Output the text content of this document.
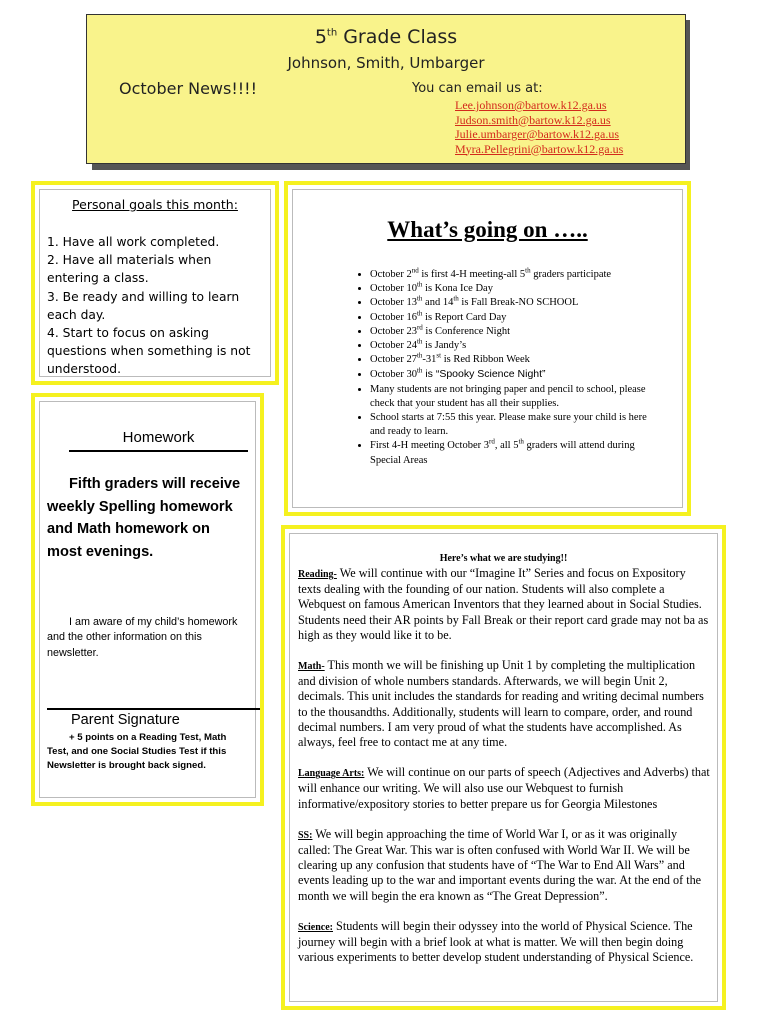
5th Grade Class
Johnson, Smith, Umbarger
October News!!!!	You can email us at:
Lee.johnson@bartow.k12.ga.us
Judson.smith@bartow.k12.ga.us
Julie.umbarger@bartow.k12.ga.us
Myra.Pellegrini@bartow.k12.ga.us
Personal goals this month:
1. Have all work completed.
2. Have all materials when entering a class.
3. Be ready and willing to learn each day.
4. Start to focus on asking questions when something is not understood.
Homework
Fifth graders will receive weekly Spelling homework and Math homework on most evenings.
I am aware of my child’s homework and the other information on this newsletter.
Parent Signature
+ 5 points on a Reading Test, Math Test, and one Social Studies Test if this Newsletter is brought back signed.
What’s going on …..
• October 2nd is first 4-H meeting-all 5th graders participate
• October 10th is Kona Ice Day
• October 13th and 14th is Fall Break-NO SCHOOL
• October 16th is Report Card Day
• October 23rd is Conference Night
• October 24th is Jandy’s
• October 27th-31st is Red Ribbon Week
• October 30th is “Spooky Science Night”
• Many students are not bringing paper and pencil to school, please check that your student has all their supplies.
• School starts at 7:55 this year. Please make sure your child is here and ready to learn.
• First 4-H meeting October 3rd, all 5th graders will attend during Special Areas
Here’s what we are studying!!

Reading- We will continue with our “Imagine It” Series and focus on Expository texts dealing with the founding of our nation. Students will also complete a Webquest on famous American Inventors that they learned about in Social Studies. Students need their AR points by Fall Break or their report card grade may not ba as high as they would like it to be.

Math- This month we will be finishing up Unit 1 by completing the multiplication and division of whole numbers standards. Afterwards, we will begin Unit 2, decimals. This unit includes the standards for reading and writing decimal numbers to the thousandths. Additionally, students will learn to compare, order, and round decimal numbers. I am very proud of what the students have accomplished. As always, feel free to contact me at any time.

Language Arts: We will continue on our parts of speech (Adjectives and Adverbs) that will enhance our writing. We will also use our Webquest to furnish informative/expository stories to better prepare us for Georgia Milestones

SS: We will begin approaching the time of World War I, or as it was originally called: The Great War. This war is often confused with World War II. We will be clearing up any confusion that students have of “The War to End All Wars” and events leading up to the war and important events during the war. At the end of the month we will begin the era known as “The Great Depression”.

Science: Students will begin their odyssey into the world of Physical Science. The journey will begin with a brief look at what is matter. We will then begin doing various experiments to better develop student understanding of Physical Science.
